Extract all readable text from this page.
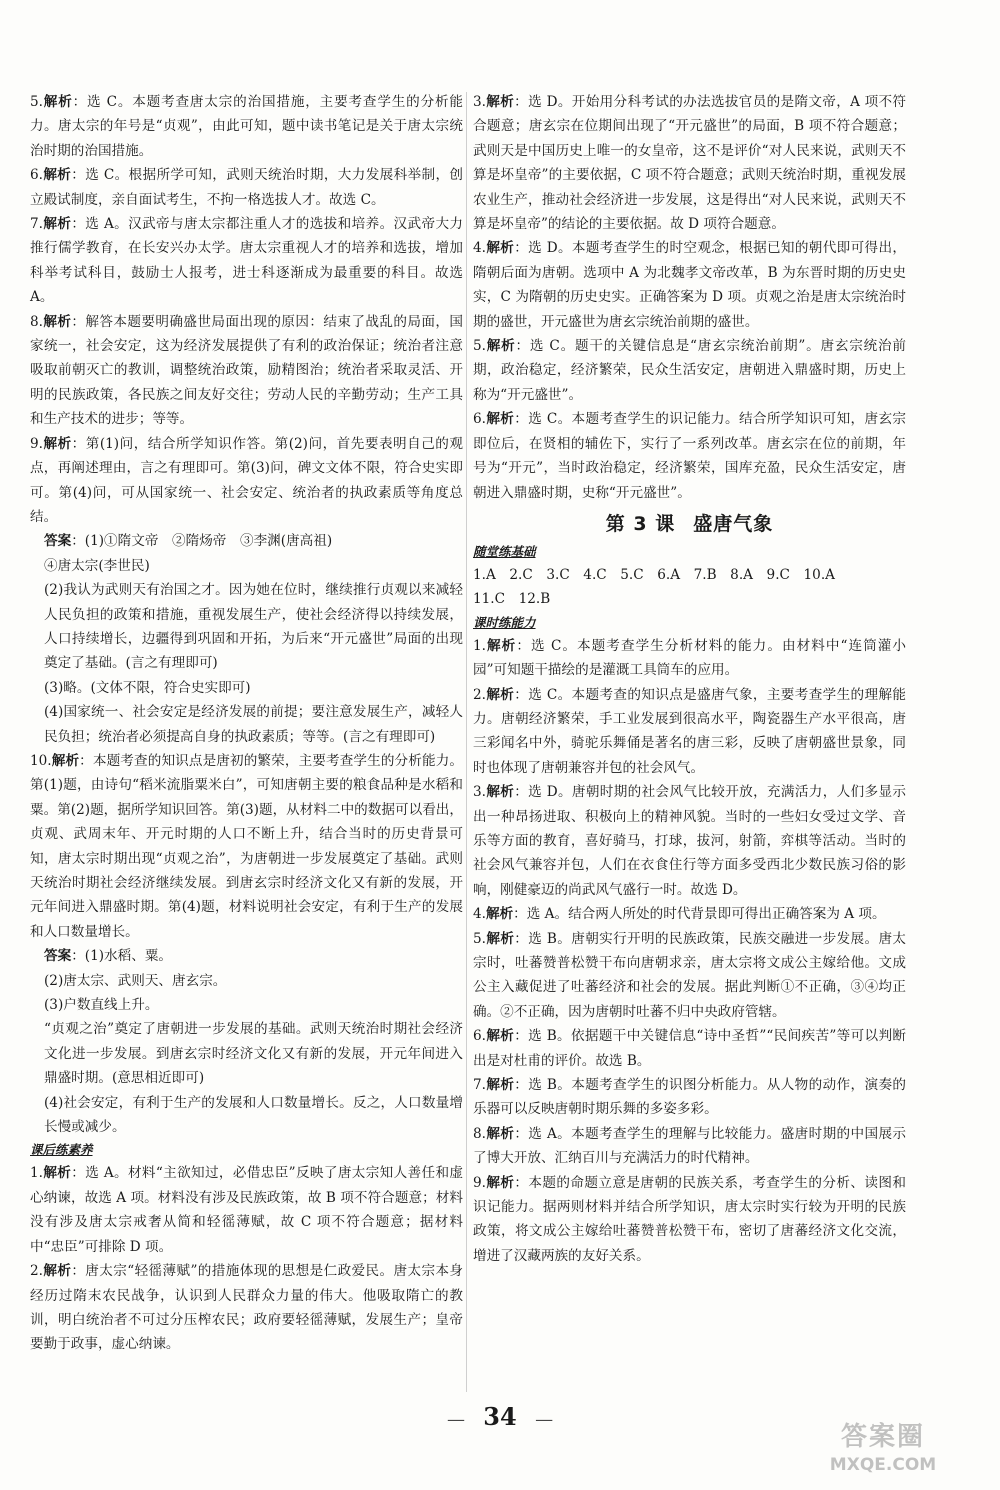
5.解析：选 C。本题考查唐太宗的治国措施，主要考查学生的分析能力。唐太宗的年号是“贞观”，由此可知，题中读书笔记是关于唐太宗统治时期的治国措施。

6.解析：选 C。根据所学可知，武则天统治时期，大力发展科举制，创立殿试制度，亲自面试考生，不拘一格选拔人才。故选 C。

7.解析：选 A。汉武帝与唐太宗都注重人才的选拔和培养。汉武帝大力推行儒学教育，在长安兴办太学。唐太宗重视人才的培养和选拔，增加科举考试科目，鼓励士人报考，进士科逐渐成为最重要的科目。故选 A。

8.解析：解答本题要明确盛世局面出现的原因：结束了战乱的局面，国家统一，社会安定，这为经济发展提供了有利的政治保证；统治者注意吸取前朝灭亡的教训，调整统治政策，励精图治；统治者采取灵活、开明的民族政策，各民族之间友好交往；劳动人民的辛勤劳动；生产工具和生产技术的进步；等等。

9.解析：第(1)问，结合所学知识作答。第(2)问，首先要表明自己的观点，再阐述理由，言之有理即可。第(3)问，碑文文体不限，符合史实即可。第(4)问，可从国家统一、社会安定、统治者的执政素质等角度总结。

答案：(1)①隋文帝　②隋炀帝　③李渊(唐高祖)

④唐太宗(李世民)

(2)我认为武则天有治国之才。因为她在位时，继续推行贞观以来减轻人民负担的政策和措施，重视发展生产，使社会经济得以持续发展，人口持续增长，边疆得到巩固和开拓，为后来“开元盛世”局面的出现奠定了基础。(言之有理即可)

(3)略。(文体不限，符合史实即可)

(4)国家统一、社会安定是经济发展的前提；要注意发展生产，减轻人民负担；统治者必须提高自身的执政素质；等等。(言之有理即可)

10.解析：本题考查的知识点是唐初的繁荣，主要考查学生的分析能力。第(1)题，由诗句“稻米流脂粟米白”，可知唐朝主要的粮食品种是水稻和粟。第(2)题，据所学知识回答。第(3)题，从材料二中的数据可以看出，贞观、武周末年、开元时期的人口不断上升，结合当时的历史背景可知，唐太宗时期出现“贞观之治”，为唐朝进一步发展奠定了基础。武则天统治时期社会经济继续发展。到唐玄宗时经济文化又有新的发展，开元年间进入鼎盛时期。第(4)题，材料说明社会安定，有利于生产的发展和人口数量增长。

答案：(1)水稻、粟。

(2)唐太宗、武则天、唐玄宗。

(3)户数直线上升。

“贞观之治”奠定了唐朝进一步发展的基础。武则天统治时期社会经济文化进一步发展。到唐玄宗时经济文化又有新的发展，开元年间进入鼎盛时期。(意思相近即可)

(4)社会安定，有利于生产的发展和人口数量增长。反之，人口数量增长慢或减少。

课后练素养

1.解析：选 A。材料“主欲知过，必借忠臣”反映了唐太宗知人善任和虚心纳谏，故选 A 项。材料没有涉及民族政策，故 B 项不符合题意；材料没有涉及唐太宗戒奢从简和轻徭薄赋，故 C 项不符合题意；据材料中“忠臣”可排除 D 项。

2.解析：唐太宗“轻徭薄赋”的措施体现的思想是仁政爱民。唐太宗本身经历过隋末农民战争，认识到人民群众力量的伟大。他吸取隋亡的教训，明白统治者不可过分压榨农民；政府要轻徭薄赋，发展生产；皇帝要勤于政事，虚心纳谏。

3.解析：选 D。开始用分科考试的办法选拔官员的是隋文帝，A 项不符合题意；唐玄宗在位期间出现了“开元盛世”的局面，B 项不符合题意；武则天是中国历史上唯一的女皇帝，这不是评价“对人民来说，武则天不算是坏皇帝”的主要依据，C 项不符合题意；武则天统治时期，重视发展农业生产，推动社会经济进一步发展，这是得出“对人民来说，武则天不算是坏皇帝”的结论的主要依据。故 D 项符合题意。

4.解析：选 D。本题考查学生的时空观念，根据已知的朝代即可得出，隋朝后面为唐朝。选项中 A 为北魏孝文帝改革，B 为东晋时期的历史史实，C 为隋朝的历史史实。正确答案为 D 项。贞观之治是唐太宗统治时期的盛世，开元盛世为唐玄宗统治前期的盛世。

5.解析：选 C。题干的关键信息是“唐玄宗统治前期”。唐玄宗统治前期，政治稳定，经济繁荣，民众生活安定，唐朝进入鼎盛时期，历史上称为“开元盛世”。

6.解析：选 C。本题考查学生的识记能力。结合所学知识可知，唐玄宗即位后，在贤相的辅佐下，实行了一系列改革。唐玄宗在位的前期，年号为“开元”，当时政治稳定，经济繁荣，国库充盈，民众生活安定，唐朝进入鼎盛时期，史称“开元盛世”。

第 3 课 盛唐气象

随堂练基础

1.A　2.C　3.C　4.C　5.C　6.A　7.B　8.A　9.C　10.A

11.C　12.B

课时练能力

1.解析：选 C。本题考查学生分析材料的能力。由材料中“连筒灌小园”可知题干描绘的是灌溉工具筒车的应用。

2.解析：选 C。本题考查的知识点是盛唐气象，主要考查学生的理解能力。唐朝经济繁荣，手工业发展到很高水平，陶瓷器生产水平很高，唐三彩闻名中外，骑驼乐舞俑是著名的唐三彩，反映了唐朝盛世景象，同时也体现了唐朝兼容并包的社会风气。

3.解析：选 D。唐朝时期的社会风气比较开放，充满活力，人们多显示出一种昂扬进取、积极向上的精神风貌。当时的一些妇女受过文学、音乐等方面的教育，喜好骑马，打球，拔河，射箭，弈棋等活动。当时的社会风气兼容并包，人们在衣食住行等方面多受西北少数民族习俗的影响，刚健豪迈的尚武风气盛行一时。故选 D。

4.解析：选 A。结合两人所处的时代背景即可得出正确答案为 A 项。

5.解析：选 B。唐朝实行开明的民族政策，民族交融进一步发展。唐太宗时，吐蕃赞普松赞干布向唐朝求亲，唐太宗将文成公主嫁给他。文成公主入藏促进了吐蕃经济和社会的发展。据此判断①不正确，③④均正确。②不正确，因为唐朝时吐蕃不归中央政府管辖。

6.解析：选 B。依据题干中关键信息“诗中圣哲”“民间疾苦”等可以判断出是对杜甫的评价。故选 B。

7.解析：选 B。本题考查学生的识图分析能力。从人物的动作，演奏的乐器可以反映唐朝时期乐舞的多姿多彩。

8.解析：选 A。本题考查学生的理解与比较能力。盛唐时期的中国展示了博大开放、汇纳百川与充满活力的时代精神。

9.解析：本题的命题立意是唐朝的民族关系，考查学生的分析、读图和识记能力。据两则材料并结合所学知识，唐太宗时实行较为开明的民族政策，将文成公主嫁给吐蕃赞普松赞干布，密切了唐蕃经济文化交流，增进了汉藏两族的友好关系。

— 34 —
答案圈
MXQE.COM
